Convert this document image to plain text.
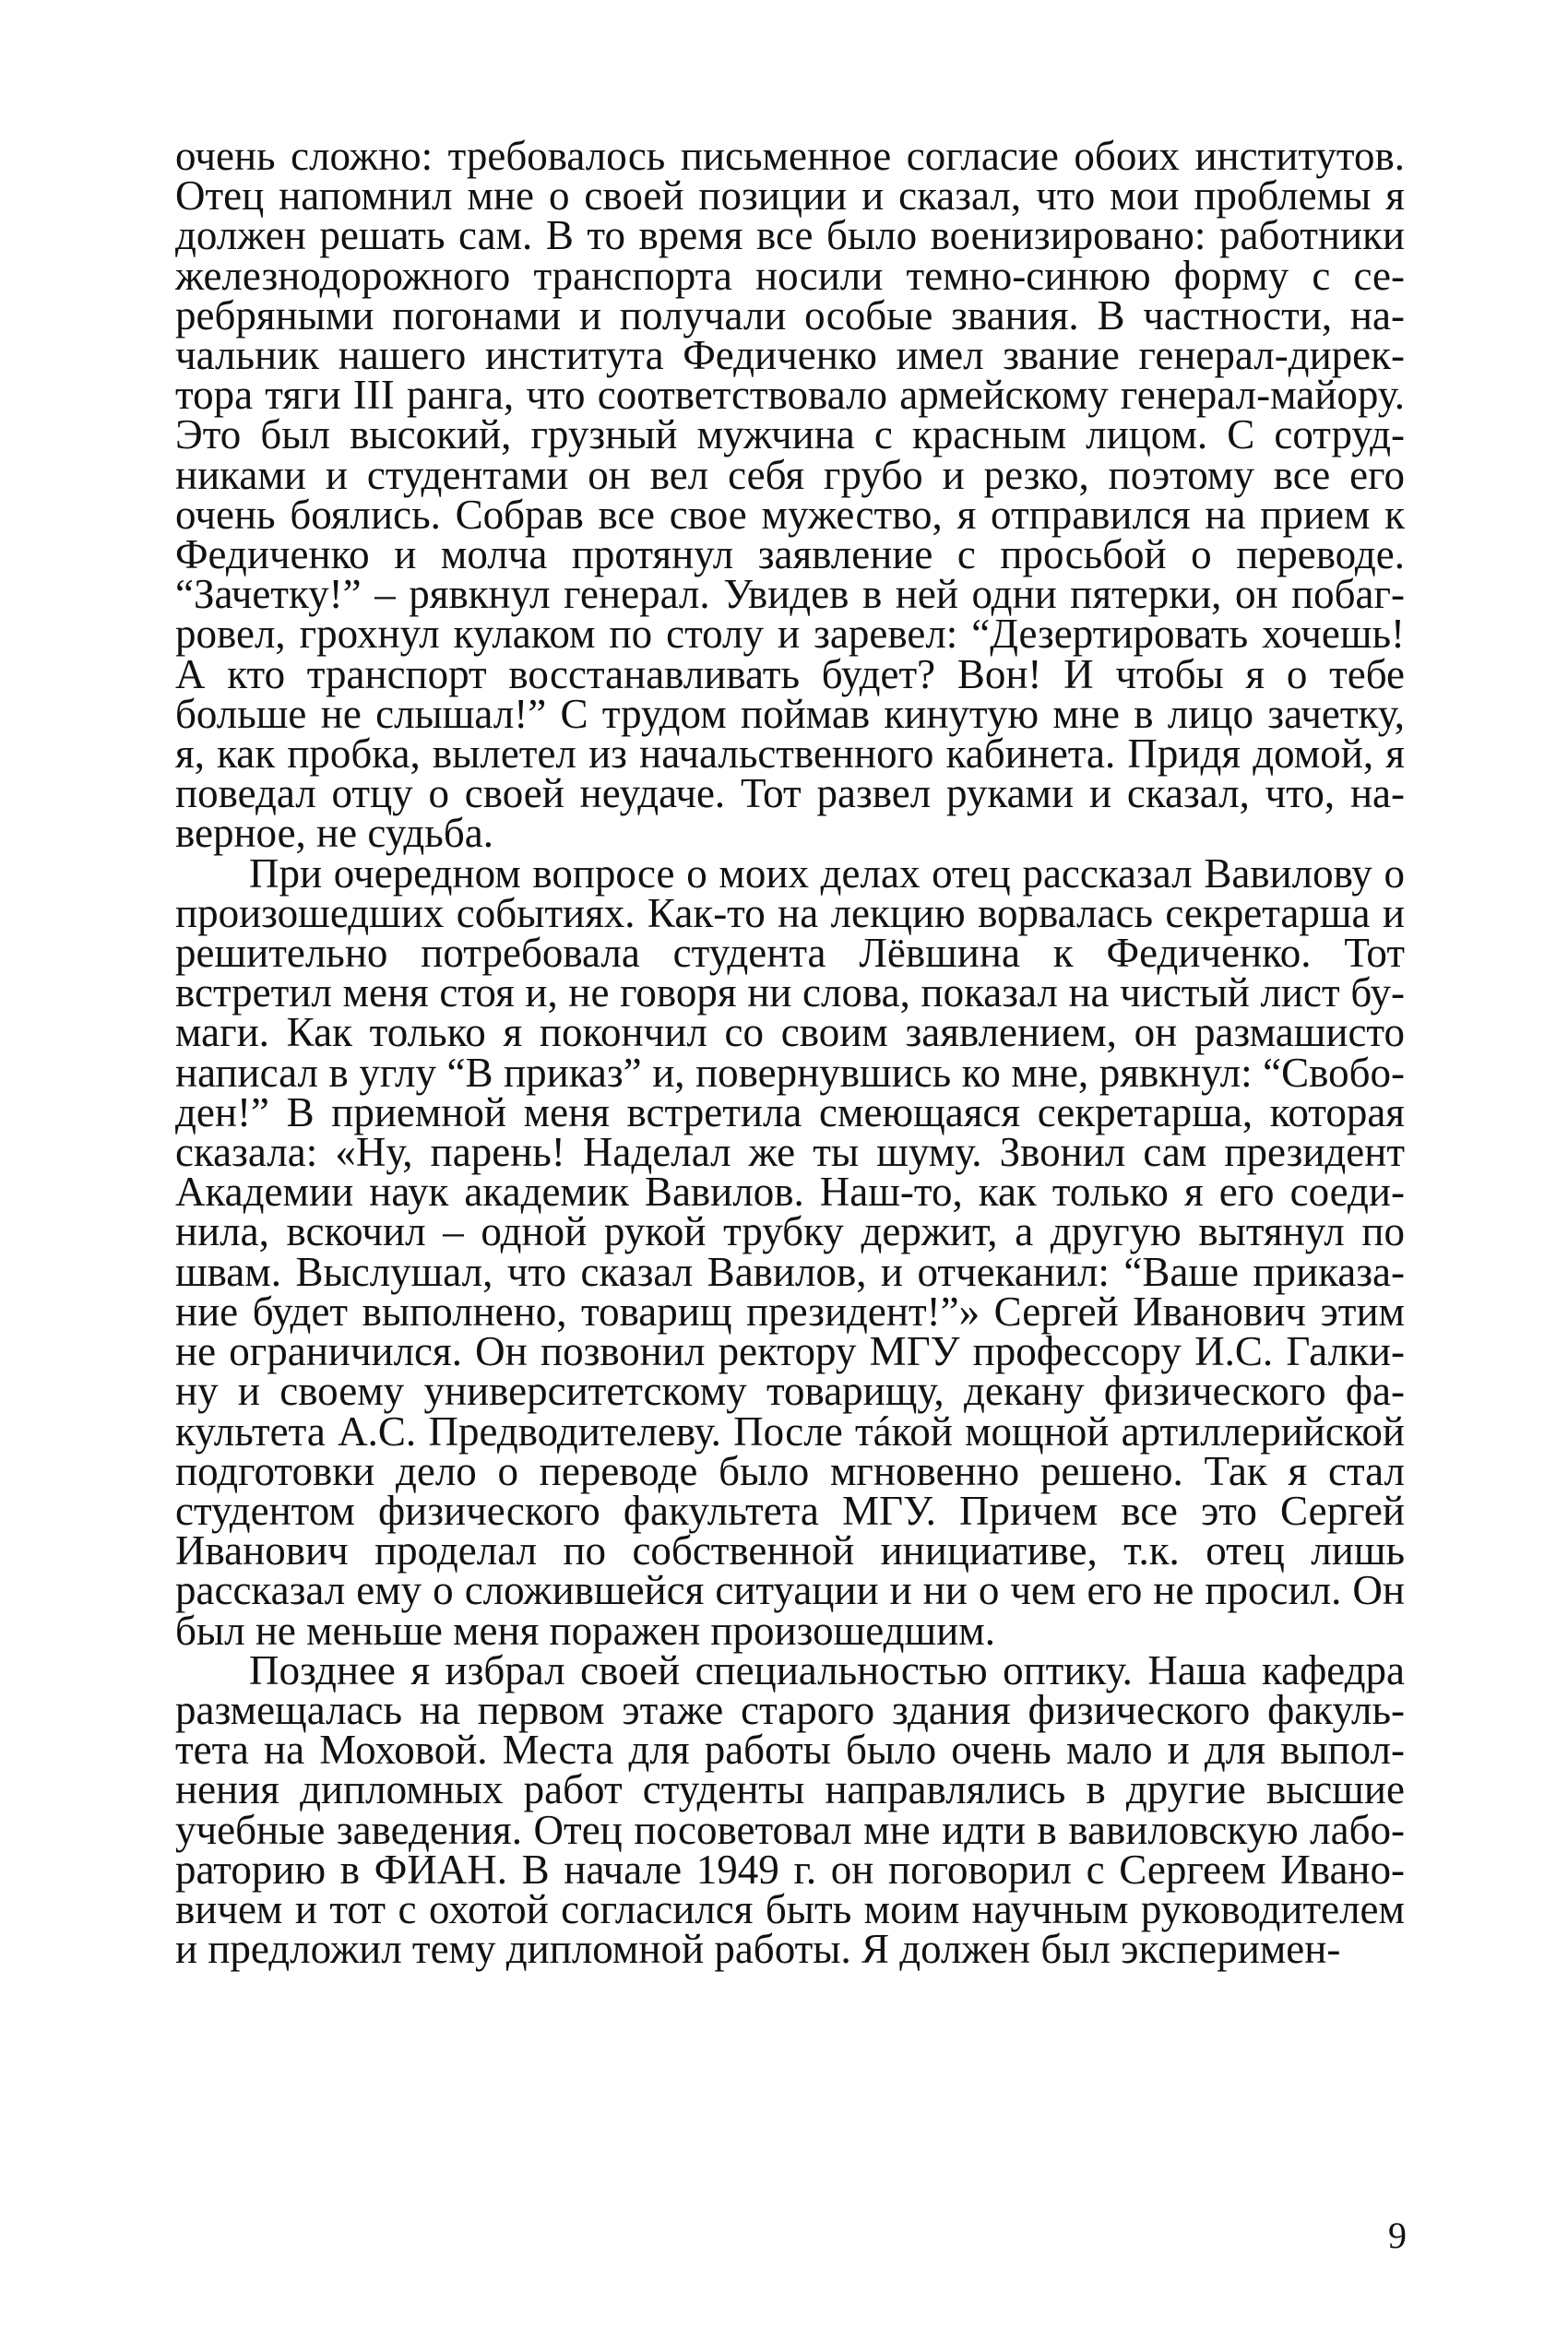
очень сложно: требовалось письменное согласие обоих институтов. Отец напомнил мне о своей позиции и сказал, что мои проблемы я должен решать сам. В то время все было военизировано: работники железнодорожного транспорта носили темно-синюю форму с серебряными погонами и получали особые звания. В частности, начальник нашего института Федиченко имел звание генерал-директора тяги III ранга, что соответствовало армейскому генерал-майору. Это был высокий, грузный мужчина с красным лицом. С сотрудниками и студентами он вел себя грубо и резко, поэтому все его очень боялись. Собрав все свое мужество, я отправился на прием к Федиченко и молча протянул заявление с просьбой о переводе. “Зачетку!” – рявкнул генерал. Увидев в ней одни пятерки, он побагровел, грохнул кулаком по столу и заревел: “Дезертировать хочешь! А кто транспорт восстанавливать будет? Вон! И чтобы я о тебе больше не слышал!” С трудом поймав кинутую мне в лицо зачетку, я, как пробка, вылетел из начальственного кабинета. Придя домой, я поведал отцу о своей неудаче. Тот развел руками и сказал, что, наверное, не судьба.

При очередном вопросе о моих делах отец рассказал Вавилову о произошедших событиях. Как-то на лекцию ворвалась секретарша и решительно потребовала студента Лёвшина к Федиченко. Тот встретил меня стоя и, не говоря ни слова, показал на чистый лист бумаги. Как только я покончил со своим заявлением, он размашисто написал в углу “В приказ” и, повернувшись ко мне, рявкнул: “Свободен!” В приемной меня встретила смеющаяся секретарша, которая сказала: «Ну, парень! Наделал же ты шуму. Звонил сам президент Академии наук академик Вавилов. Наш-то, как только я его соединила, вскочил – одной рукой трубку держит, а другую вытянул по швам. Выслушал, что сказал Вавилов, и отчеканил: “Ваше приказание будет выполнено, товарищ президент!”» Сергей Иванович этим не ограничился. Он позвонил ректору МГУ профессору И.С. Галкину и своему университетскому товарищу, декану физического факультета А.С. Предводителеву. После тáкой мощной артиллерийской подготовки дело о переводе было мгновенно решено. Так я стал студентом физического факультета МГУ. Причем все это Сергей Иванович проделал по собственной инициативе, т.к. отец лишь рассказал ему о сложившейся ситуации и ни о чем его не просил. Он был не меньше меня поражен произошедшим.

Позднее я избрал своей специальностью оптику. Наша кафедра размещалась на первом этаже старого здания физического факультета на Моховой. Места для работы было очень мало и для выполнения дипломных работ студенты направлялись в другие высшие учебные заведения. Отец посоветовал мне идти в вавиловскую лабораторию в ФИАН. В начале 1949 г. он поговорил с Сергеем Ивановичем и тот с охотой согласился быть моим научным руководителем и предложил тему дипломной работы. Я должен был эксперимен-

9
